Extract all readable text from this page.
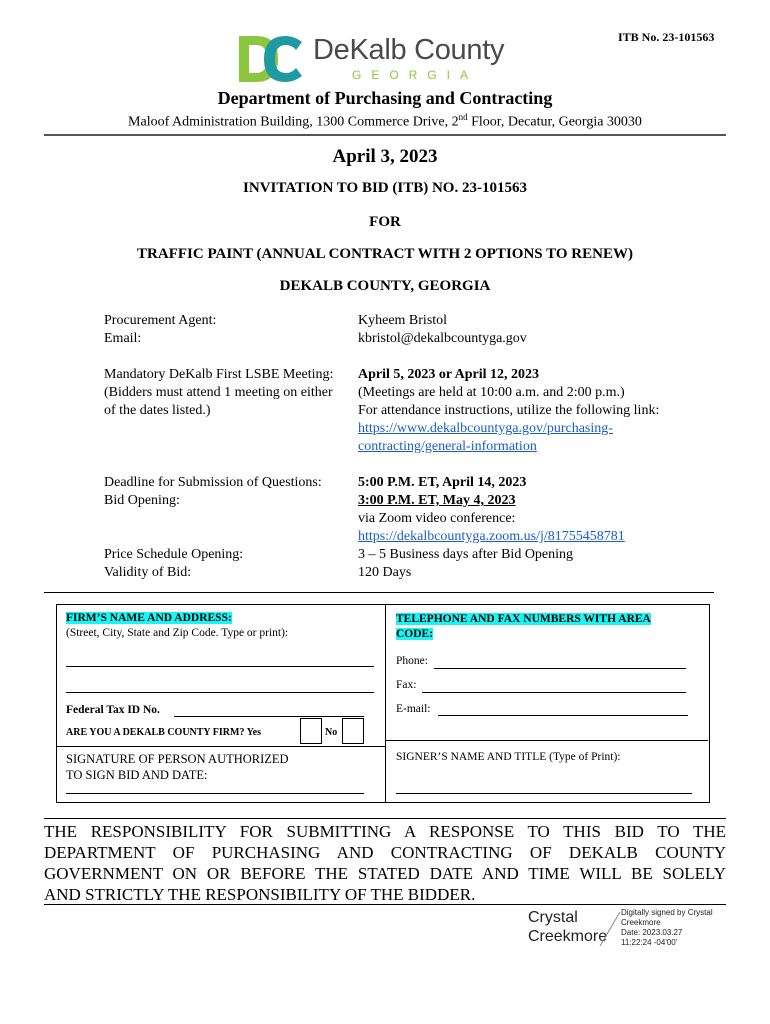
ITB No. 23-101563
DeKalb County
GEORGIA
Department of Purchasing and Contracting
Maloof Administration Building, 1300 Commerce Drive, 2nd Floor, Decatur, Georgia 30030
April 3, 2023
INVITATION TO BID (ITB) NO. 23-101563
FOR
TRAFFIC PAINT (ANNUAL CONTRACT WITH 2 OPTIONS TO RENEW)
DEKALB COUNTY, GEORGIA
Procurement Agent:
Email:
Kyheem Bristol
kbristol@dekalbcountyga.gov
Mandatory DeKalb First LSBE Meeting:
(Bidders must attend 1 meeting on either
of the dates listed.)
April 5, 2023 or April 12, 2023
(Meetings are held at 10:00 a.m. and 2:00 p.m.)
For attendance instructions, utilize the following link:
https://www.dekalbcountyga.gov/purchasing-
contracting/general-information
Deadline for Submission of Questions:
Bid Opening:
5:00 P.M. ET, April 14, 2023
3:00 P.M. ET, May 4, 2023
via Zoom video conference:
https://dekalbcountyga.zoom.us/j/81755458781
3 – 5 Business days after Bid Opening
120 Days
Price Schedule Opening:
Validity of Bid:
FIRM’S NAME AND ADDRESS:
(Street, City, State and Zip Code. Type or print):
TELEPHONE AND FAX NUMBERS WITH AREA
CODE:
Phone:
Fax:
E-mail:
Federal Tax ID No.
ARE YOU A DEKALB COUNTY FIRM? Yes	No
SIGNATURE OF PERSON AUTHORIZED
TO SIGN BID AND DATE:
SIGNER’S NAME AND TITLE (Type of Print):
THE RESPONSIBILITY FOR SUBMITTING A RESPONSE TO THIS BID TO THE
DEPARTMENT OF PURCHASING AND CONTRACTING OF DEKALB COUNTY
GOVERNMENT ON OR BEFORE THE STATED DATE AND TIME WILL BE SOLELY
AND STRICTLY THE RESPONSIBILITY OF THE BIDDER.
Crystal
Creekmore
Digitally signed by Crystal
Creekmore
Date: 2023.03.27
11:22:24 -04'00'
